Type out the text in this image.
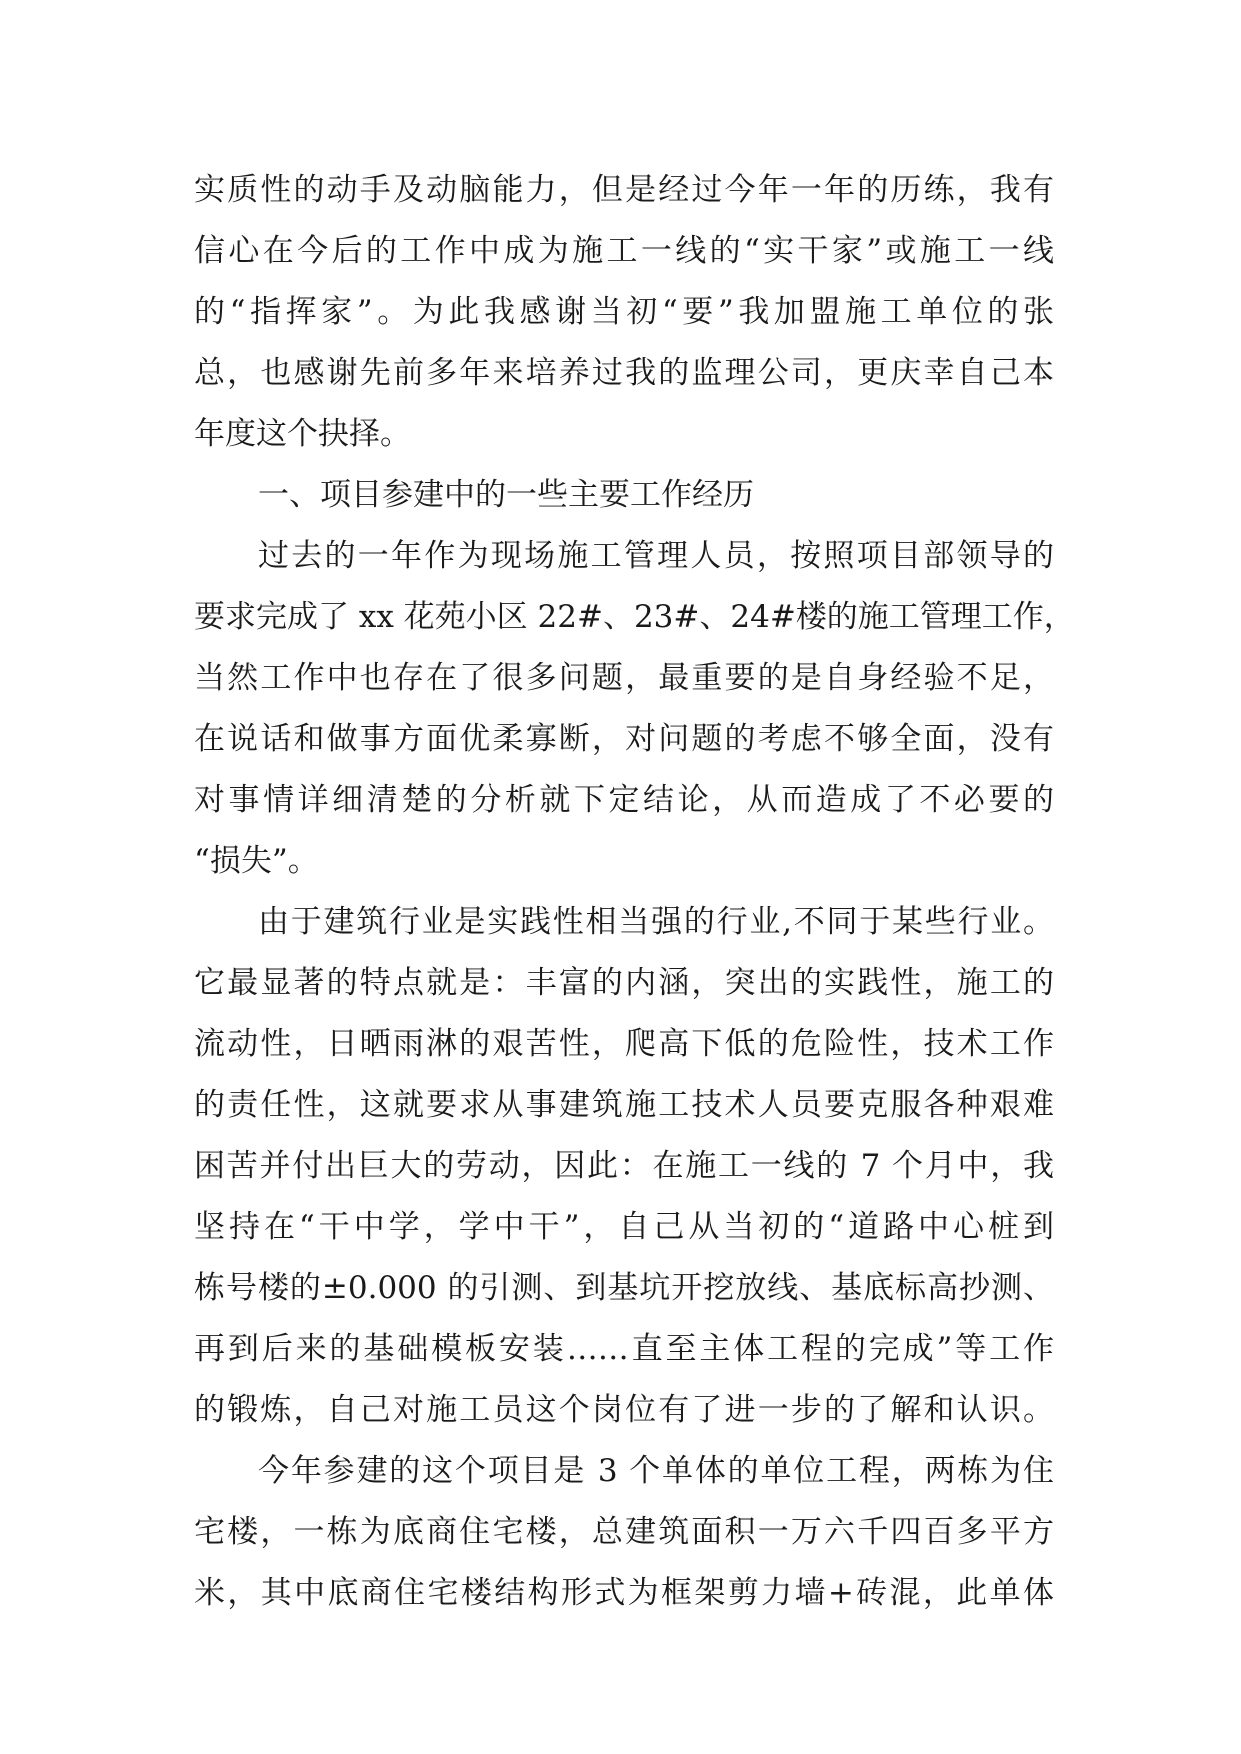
实质性的动手及动脑能力，但是经过今年一年的历练，我有
信心在今后的工作中成为施工一线的“实干家”或施工一线
的“指挥家”。为此我感谢当初“要”我加盟施工单位的张
总，也感谢先前多年来培养过我的监理公司，更庆幸自己本
年度这个抉择。
一、项目参建中的一些主要工作经历
过去的一年作为现场施工管理人员，按照项目部领导的
要求完成了 xx 花苑小区 22#、23#、24#楼的施工管理工作，
当然工作中也存在了很多问题，最重要的是自身经验不足，
在说话和做事方面优柔寡断，对问题的考虑不够全面，没有
对事情详细清楚的分析就下定结论，从而造成了不必要的
“损失”。
由于建筑行业是实践性相当强的行业,不同于某些行业。
它最显著的特点就是：丰富的内涵，突出的实践性，施工的
流动性，日晒雨淋的艰苦性，爬高下低的危险性，技术工作
的责任性，这就要求从事建筑施工技术人员要克服各种艰难
困苦并付出巨大的劳动，因此：在施工一线的 7 个月中，我
坚持在“干中学，学中干”，自己从当初的“道路中心桩到
栋号楼的±0.000 的引测、到基坑开挖放线、基底标高抄测、
再到后来的基础模板安装……直至主体工程的完成”等工作
的锻炼，自己对施工员这个岗位有了进一步的了解和认识。
今年参建的这个项目是 3 个单体的单位工程，两栋为住
宅楼，一栋为底商住宅楼，总建筑面积一万六千四百多平方
米，其中底商住宅楼结构形式为框架剪力墙+砖混，此单体
